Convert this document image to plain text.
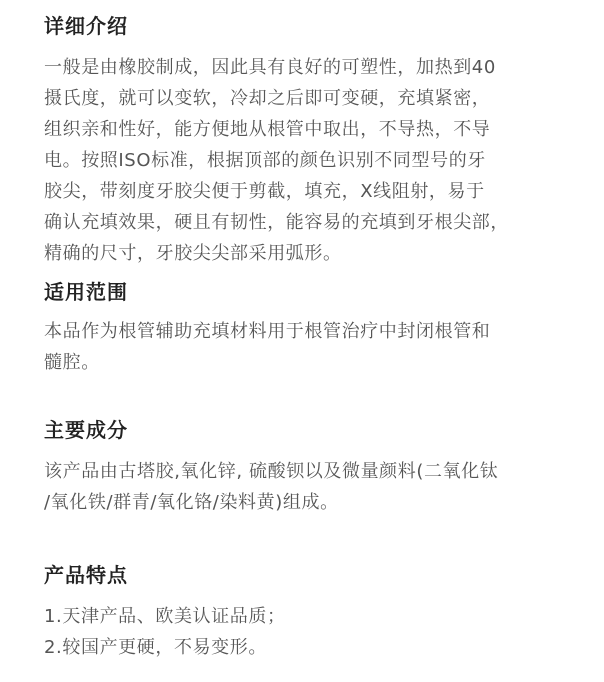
详细介绍
一般是由橡胶制成，因此具有良好的可塑性，加热到40
摄氏度，就可以变软，冷却之后即可变硬，充填紧密，
组织亲和性好，能方便地从根管中取出，不导热，不导
电。按照ISO标准，根据顶部的颜色识别不同型号的牙
胶尖，带刻度牙胶尖便于剪截，填充，X线阻射，易于
确认充填效果，硬且有韧性，能容易的充填到牙根尖部，
精确的尺寸，牙胶尖尖部采用弧形。
适用范围
本品作为根管辅助充填材料用于根管治疗中封闭根管和
髓腔。
主要成分
该产品由古塔胶,氧化锌, 硫酸钡以及微量颜料(二氧化钛
/氧化铁/群青/氧化铬/染料黄)组成。
产品特点
1.天津产品、欧美认证品质；
2.较国产更硬，不易变形。
